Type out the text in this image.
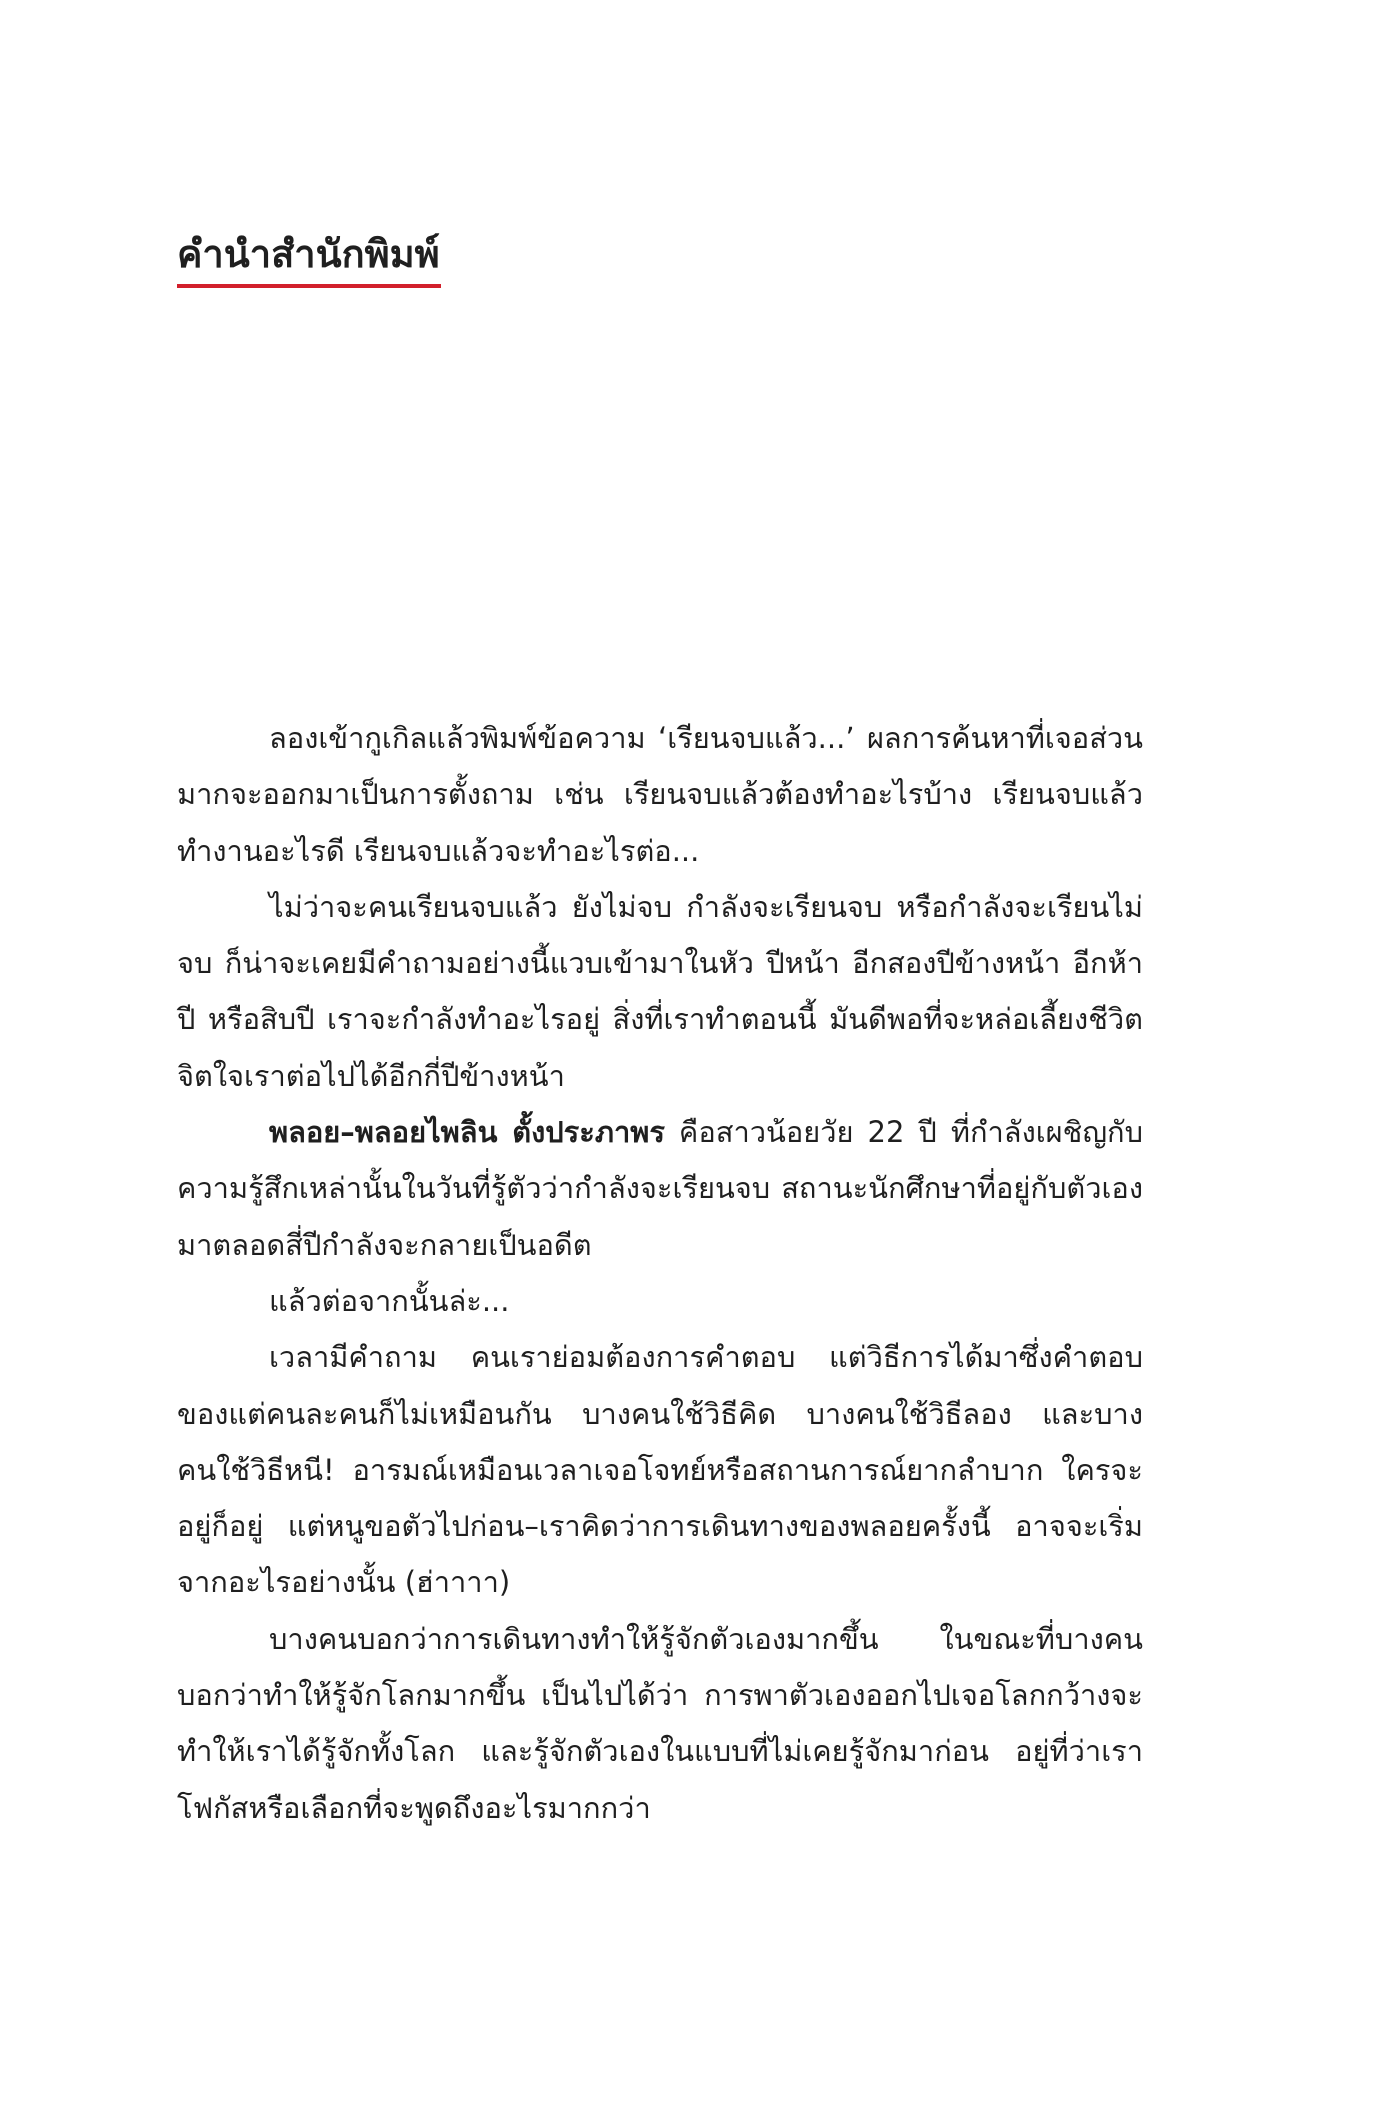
คำนำสำนักพิมพ์

ลองเข้ากูเกิลแล้วพิมพ์ข้อความ ‘เรียนจบแล้ว...’ ผลการค้นหาที่เจอส่วนมากจะออกมาเป็นการตั้งถาม เช่น เรียนจบแล้วต้องทำอะไรบ้าง เรียนจบแล้วทำงานอะไรดี เรียนจบแล้วจะทำอะไรต่อ...

ไม่ว่าจะคนเรียนจบแล้ว ยังไม่จบ กำลังจะเรียนจบ หรือกำลังจะเรียนไม่จบ ก็น่าจะเคยมีคำถามอย่างนี้แวบเข้ามาในหัว ปีหน้า อีกสองปีข้างหน้า อีกห้าปี หรือสิบปี เราจะกำลังทำอะไรอยู่ สิ่งที่เราทำตอนนี้ มันดีพอที่จะหล่อเลี้ยงชีวิตจิตใจเราต่อไปได้อีกกี่ปีข้างหน้า

พลอย–พลอยไพลิน ตั้งประภาพร คือสาวน้อยวัย 22 ปี ที่กำลังเผชิญกับความรู้สึกเหล่านั้นในวันที่รู้ตัวว่ากำลังจะเรียนจบ สถานะนักศึกษาที่อยู่กับตัวเองมาตลอดสี่ปีกำลังจะกลายเป็นอดีต

แล้วต่อจากนั้นล่ะ...

เวลามีคำถาม คนเราย่อมต้องการคำตอบ แต่วิธีการได้มาซึ่งคำตอบของแต่คนละคนก็ไม่เหมือนกัน บางคนใช้วิธีคิด บางคนใช้วิธีลอง และบางคนใช้วิธีหนี! อารมณ์เหมือนเวลาเจอโจทย์หรือสถานการณ์ยากลำบาก ใครจะอยู่ก็อยู่ แต่หนูขอตัวไปก่อน–เราคิดว่าการเดินทางของพลอยครั้งนี้ อาจจะเริ่มจากอะไรอย่างนั้น (ฮ่าาาา)

บางคนบอกว่าการเดินทางทำให้รู้จักตัวเองมากขึ้น ในขณะที่บางคนบอกว่าทำให้รู้จักโลกมากขึ้น เป็นไปได้ว่า การพาตัวเองออกไปเจอโลกกว้างจะทำให้เราได้รู้จักทั้งโลก และรู้จักตัวเองในแบบที่ไม่เคยรู้จักมาก่อน อยู่ที่ว่าเราโฟกัสหรือเลือกที่จะพูดถึงอะไรมากกว่า
